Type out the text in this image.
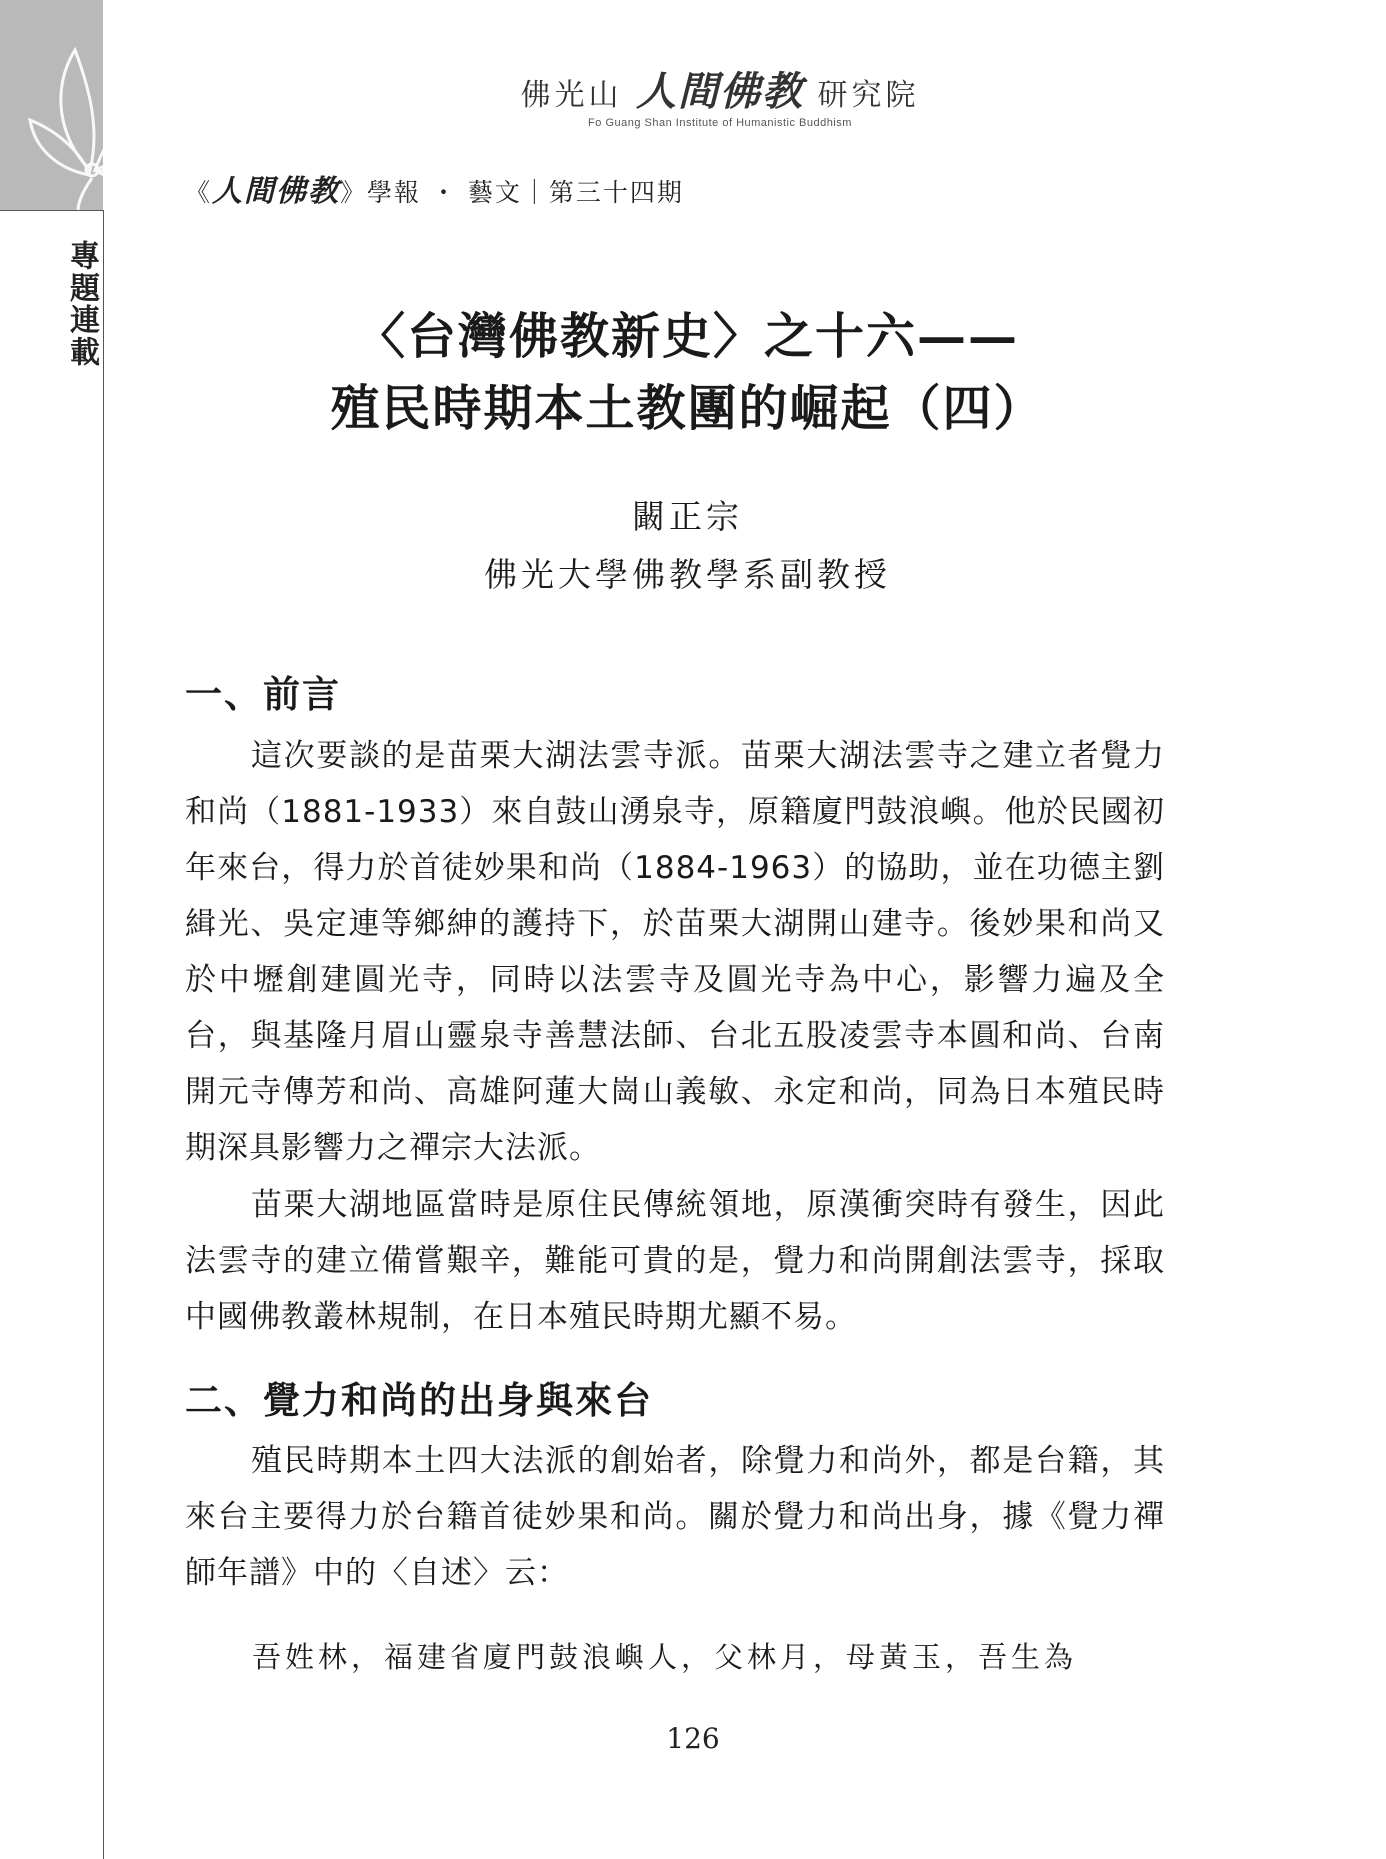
專題連載
佛光山 人間佛教 研究院
Fo Guang Shan Institute of Humanistic Buddhism
《人間佛教》學報 ・ 藝文｜第三十四期
〈台灣佛教新史〉之十六——
殖民時期本土教團的崛起（四）
闞正宗
佛光大學佛教學系副教授
一、前言

這次要談的是苗栗大湖法雲寺派。苗栗大湖法雲寺之建立者覺力和尚（1881-1933）來自鼓山湧泉寺，原籍廈門鼓浪嶼。他於民國初年來台，得力於首徒妙果和尚（1884-1963）的協助，並在功德主劉緝光、吳定連等鄉紳的護持下，於苗栗大湖開山建寺。後妙果和尚又於中壢創建圓光寺，同時以法雲寺及圓光寺為中心，影響力遍及全台，與基隆月眉山靈泉寺善慧法師、台北五股凌雲寺本圓和尚、台南開元寺傳芳和尚、高雄阿蓮大崗山義敏、永定和尚，同為日本殖民時期深具影響力之禪宗大法派。

苗栗大湖地區當時是原住民傳統領地，原漢衝突時有發生，因此法雲寺的建立備嘗艱辛，難能可貴的是，覺力和尚開創法雲寺，採取中國佛教叢林規制，在日本殖民時期尤顯不易。

二、覺力和尚的出身與來台

殖民時期本土四大法派的創始者，除覺力和尚外，都是台籍，其來台主要得力於台籍首徒妙果和尚。關於覺力和尚出身，據《覺力禪師年譜》中的〈自述〉云：

吾姓林，福建省廈門鼓浪嶼人，父林月，母黃玉，吾生為

126
